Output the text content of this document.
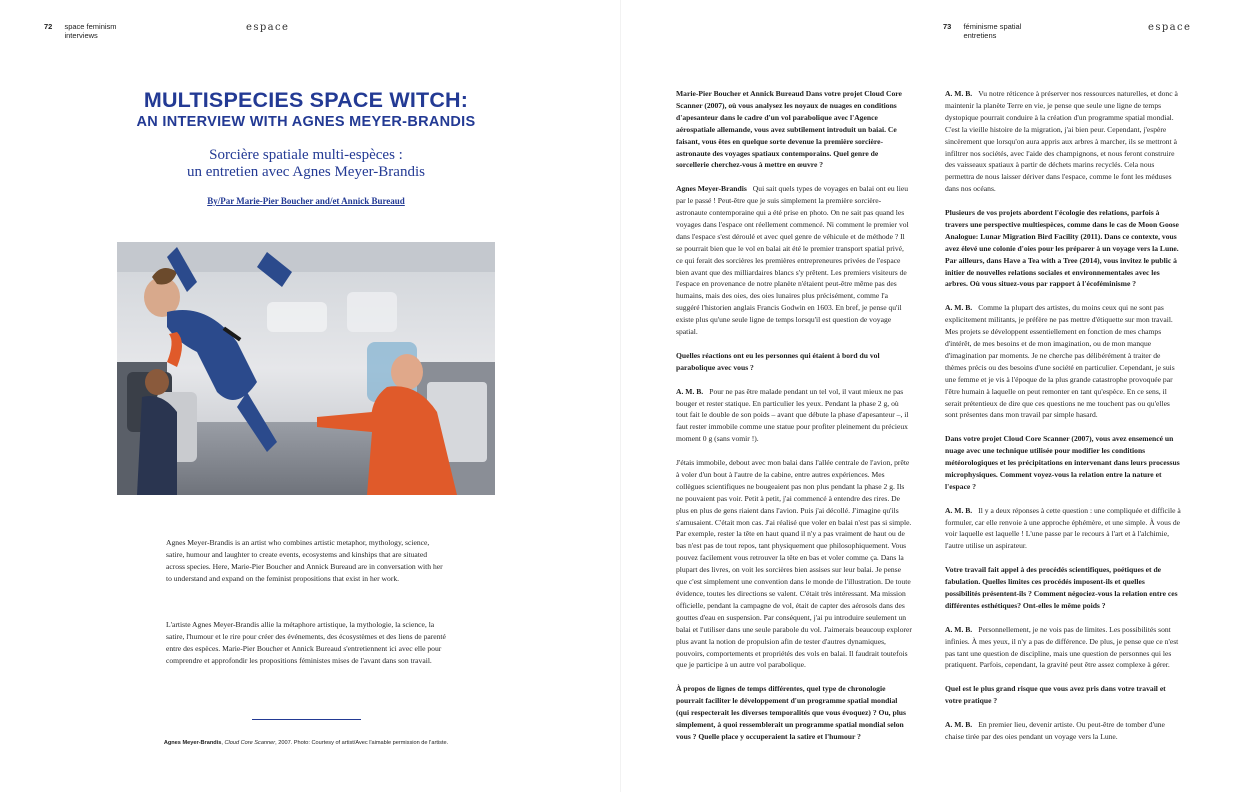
72 space feminism
interviews
espace	73 féminisme spatial
entretiens
espace
MULTISPECIES SPACE WITCH:
AN INTERVIEW WITH AGNES MEYER-BRANDIS
Sorcière spatiale multi-espèces :
un entretien avec Agnes Meyer-Brandis
By/Par Marie-Pier Boucher and/et Annick Bureaud
Agnes Meyer-Brandis is an artist who combines artistic metaphor, mythology, science, satire, humour and laughter to create events, ecosystems and kinships that are situated across species. Here, Marie-Pier Boucher and Annick Bureaud are in conversation with her to understand and expand on the feminist propositions that exist in her work.
L'artiste Agnes Meyer-Brandis allie la métaphore artistique, la mythologie, la science, la satire, l'humour et le rire pour créer des événements, des écosystèmes et des liens de parenté entre des espèces. Marie-Pier Boucher et Annick Bureaud s'entretiennent ici avec elle pour comprendre et approfondir les propositions féministes mises de l'avant dans son travail.
Agnes Meyer-Brandis, Cloud Core Scanner, 2007. Photo: Courtesy of artist/Avec l'aimable permission de l'artiste.

Marie-Pier Boucher et Annick Bureaud Dans votre projet Cloud Core Scanner (2007), où vous analysez les noyaux de nuages en conditions d'apesanteur dans le cadre d'un vol parabolique avec l'Agence aérospatiale allemande, vous avez subtilement introduit un baiai. Ce faisant, vous êtes en quelque sorte devenue la première sorcière-astronaute des voyages spatiaux contemporains. Quel genre de sorcellerie cherchez-vous à mettre en œuvre ?

Agnes Meyer-Brandis Qui sait quels types de voyages en balai ont eu lieu par le passé ! Peut-être que je suis simplement la première sorcière-astronaute contemporaine qui a été prise en photo. On ne sait pas quand les voyages dans l'espace ont réellement commencé. Ni comment le premier vol dans l'espace s'est déroulé et avec quel genre de véhicule et de méthode ? Il se pourrait bien que le vol en balai ait été le premier transport spatial privé, ce qui ferait des sorcières les premières entrepreneures privées de l'espace bien avant que des milliardaires blancs s'y prêtent. Les premiers visiteurs de l'espace en provenance de notre planète n'étaient peut-être même pas des humains, mais des oies, des oies lunaires plus précisément, comme l'a suggéré l'historien anglais Francis Godwin en 1603. En bref, je pense qu'il existe plus qu'une seule ligne de temps lorsqu'il est question de voyage spatial.

Quelles réactions ont eu les personnes qui étaient à bord du vol parabolique avec vous ?

A. M. B. Pour ne pas être malade pendant un tel vol, il vaut mieux ne pas bouger et rester statique. En particulier les yeux. Pendant la phase 2 g, où tout fait le double de son poids – avant que débute la phase d'apesanteur –, il faut rester immobile comme une statue pour profiter pleinement du précieux moment 0 g (sans vomir !).

J'étais immobile, debout avec mon balai dans l'allée centrale de l'avion, prête à voler d'un bout à l'autre de la cabine, entre autres expériences. Mes collègues scientifiques ne bougeaient pas non plus pendant la phase 2 g. Ils ne pouvaient pas voir. Petit à petit, j'ai commencé à entendre des rires. De plus en plus de gens riaient dans l'avion. Puis j'ai décollé. J'imagine qu'ils s'amusaient. C'était mon cas. J'ai réalisé que voler en balai n'est pas si simple. Par exemple, rester la tête en haut quand il n'y a pas vraiment de haut ou de bas n'est pas de tout repos, tant physiquement que philosophiquement. Vous pouvez facilement vous retrouver la tête en bas et voler comme ça. Dans la plupart des livres, on voit les sorcières bien assises sur leur balai. Je pense que c'est simplement une convention dans le monde de l'illustration. De toute évidence, toutes les directions se valent. C'était très intéressant. Ma mission officielle, pendant la campagne de vol, était de capter des aérosols dans des gouttes d'eau en suspension. Par conséquent, j'ai pu introduire seulement un balai et l'utiliser dans une seule parabole du vol. J'aimerais beaucoup explorer plus avant la notion de propulsion afin de tester d'autres dynamiques, pouvoirs, comportements et propriétés des vols en balai. Il faudrait toutefois que je participe à un autre vol parabolique.

À propos de lignes de temps différentes, quel type de chronologie pourrait faciliter le développement d'un programme spatial mondial (qui respecterait les diverses temporalités que vous évoquez) ? Ou, plus simplement, à quoi ressemblerait un programme spatial mondial selon vous ? Quelle place y occuperaient la satire et l'humour ?

A. M. B. Vu notre réticence à préserver nos ressources naturelles, et donc à maintenir la planète Terre en vie, je pense que seule une ligne de temps dystopique pourrait conduire à la création d'un programme spatial mondial. C'est la vieille histoire de la migration, j'ai bien peur. Cependant, j'espère sincèrement que lorsqu'on aura appris aux arbres à marcher, ils se mettront à infiltrer nos sociétés, avec l'aide des champignons, et nous feront construire des vaisseaux spatiaux à partir de déchets marins recyclés. Cela nous permettra de nous laisser dériver dans l'espace, comme le font les méduses dans nos océans.

Plusieurs de vos projets abordent l'écologie des relations, parfois à travers une perspective multiespèces, comme dans le cas de Moon Goose Analogue: Lunar Migration Bird Facility (2011). Dans ce contexte, vous avez élevé une colonie d'oies pour les préparer à un voyage vers la Lune. Par ailleurs, dans Have a Tea with a Tree (2014), vous invitez le public à initier de nouvelles relations sociales et environnementales avec les arbres. Où vous situez-vous par rapport à l'écoféminisme ?

A. M. B. Comme la plupart des artistes, du moins ceux qui ne sont pas explicitement militants, je préfère ne pas mettre d'étiquette sur mon travail. Mes projets se développent essentiellement en fonction de mes champs d'intérêt, de mes besoins et de mon imagination, ou de mon manque d'imagination par moments. Je ne cherche pas délibérément à traiter de thèmes précis ou des besoins d'une société en particulier. Cependant, je suis une femme et je vis à l'époque de la plus grande catastrophe provoquée par l'être humain à laquelle on peut remonter en tant qu'espèce. En ce sens, il serait prétentieux de dire que ces questions ne me touchent pas ou qu'elles sont présentes dans mon travail par simple hasard.

Dans votre projet Cloud Core Scanner (2007), vous avez ensemencé un nuage avec une technique utilisée pour modifier les conditions météorologiques et les précipitations en intervenant dans leurs processus microphysiques. Comment voyez-vous la relation entre la nature et l'espace ?

A. M. B. Il y a deux réponses à cette question : une compliquée et difficile à formuler, car elle renvoie à une approche éphémère, et une simple. À vous de voir laquelle est laquelle ! L'une passe par le recours à l'art et à l'alchimie, l'autre utilise un aspirateur.

Votre travail fait appel à des procédés scientifiques, poétiques et de fabulation. Quelles limites ces procédés imposent-ils et quelles possibilités présentent-ils ? Comment négociez-vous la relation entre ces différentes esthétiques? Ont-elles le même poids ?

A. M. B. Personnellement, je ne vois pas de limites. Les possibilités sont infinies. À mes yeux, il n'y a pas de différence. De plus, je pense que ce n'est pas tant une question de discipline, mais une question de personnes qui les pratiquent. Parfois, cependant, la gravité peut être assez complexe à gérer.

Quel est le plus grand risque que vous avez pris dans votre travail et votre pratique ?

A. M. B. En premier lieu, devenir artiste. Ou peut-être de tomber d'une chaise tirée par des oies pendant un voyage vers la Lune.
